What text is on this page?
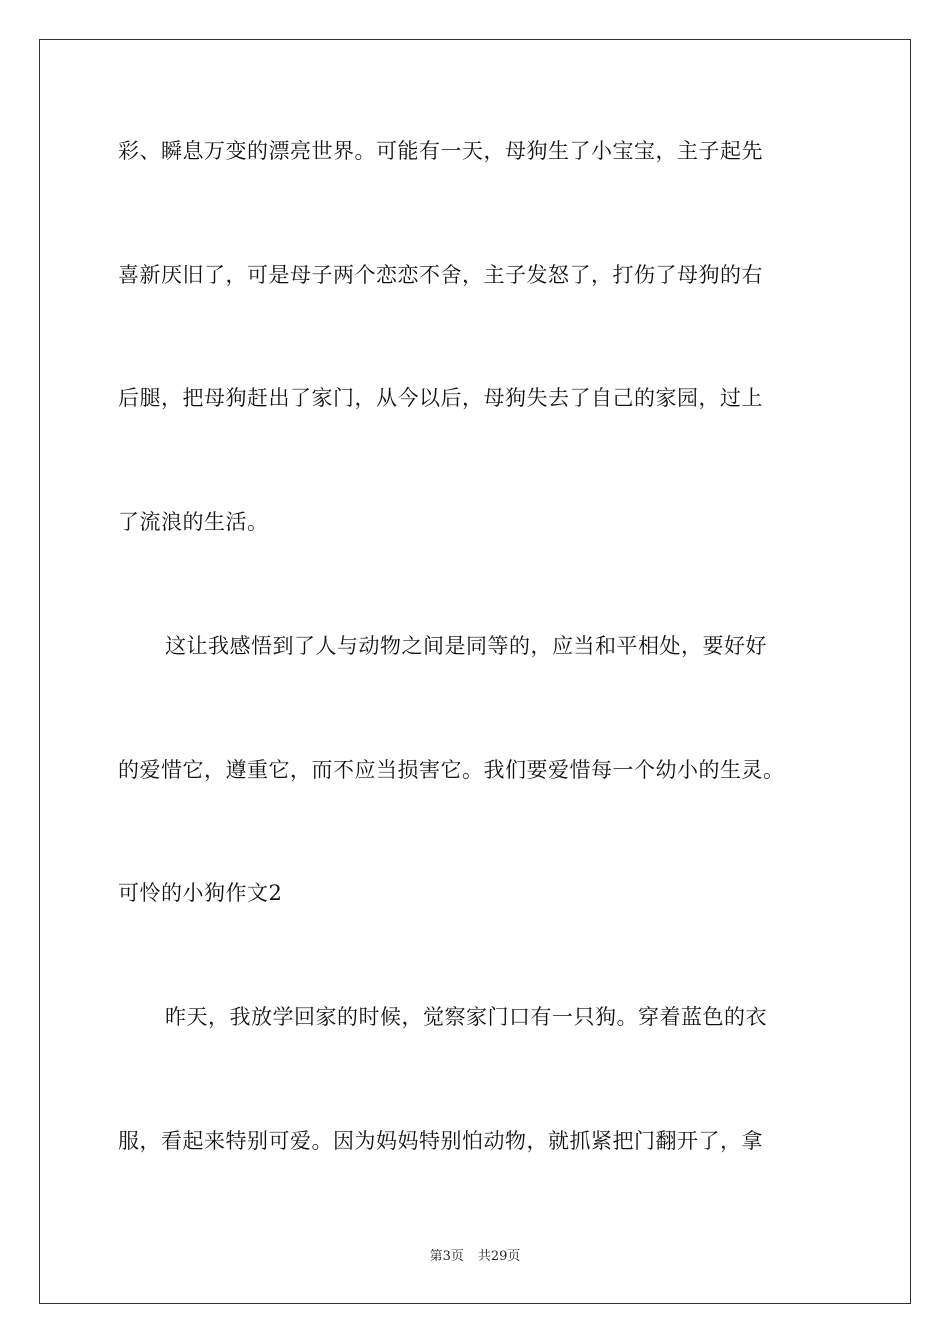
彩、瞬息万变的漂亮世界。可能有一天，母狗生了小宝宝，主子起先
喜新厌旧了，可是母子两个恋恋不舍，主子发怒了，打伤了母狗的右
后腿，把母狗赶出了家门，从今以后，母狗失去了自己的家园，过上
了流浪的生活。
这让我感悟到了人与动物之间是同等的，应当和平相处，要好好
的爱惜它，遵重它，而不应当损害它。我们要爱惜每一个幼小的生灵。
可怜的小狗作文2
昨天，我放学回家的时候，觉察家门口有一只狗。穿着蓝色的衣
服，看起来特别可爱。因为妈妈特别怕动物，就抓紧把门翻开了，拿
第3页 共29页
